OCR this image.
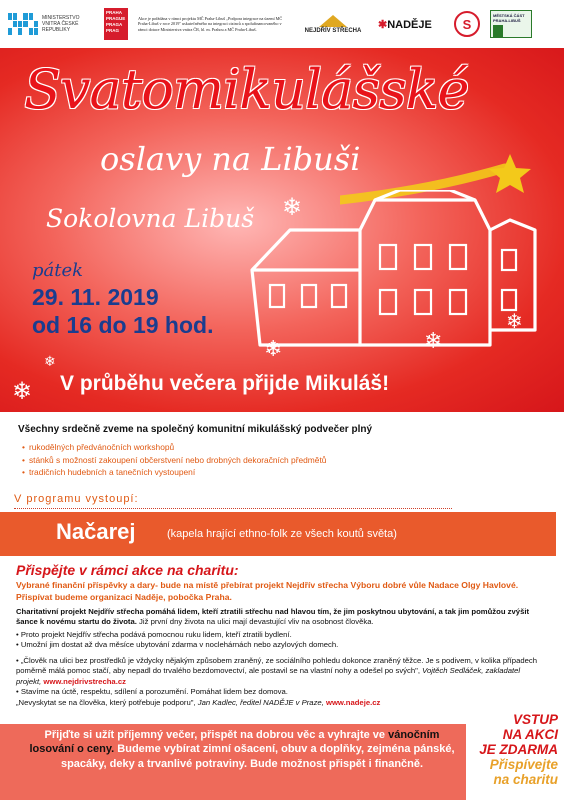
MINISTERSTVO VNITRA ČESKÉ REPUBLIKY
PRAHA PRAGUE PRAGA PRAG
Akce je pořádána v rámci projektu MČ Praha-Libuš „Podpora integrace na území MČ Praha-Libuš v roce 2019" uskutečněného na integraci cizinců a spolufinancovaného v rámci dotace Ministerstva vnitra ČR, hl. m. Prahou a MČ Praha-Libuš.	NEJDŘÍV STŘECHA	✱NADĚJE	S
MĚSTSKÁ ČÁST PRAHA-LIBUŠ
❄
❄	❄
❄
❄
❄
Svatomikulášské
oslavy na Libuši
Sokolovna Libuš
pátek
29. 11. 2019
od 16 do 19 hod.
V průběhu večera přijde Mikuláš!
Všechny srdečně zveme na společný komunitní mikulášský podvečer plný
• rukodělných předvánočních workshopů
• stánků s možností zakoupení občerstvení nebo drobných dekoračních předmětů
• tradičních hudebních a tanečních vystoupení
V programu vystoupí:
Načarej	(kapela hrající ethno-folk ze všech koutů světa)
Přispějte v rámci akce na charitu:
Vybrané finanční příspěvky a dary- bude na místě přebírat projekt Nejdřív střecha Výboru dobré vůle Nadace Olgy Havlové. Přispívat budeme organizaci Naděje, pobočka Praha.
Charitativní projekt Nejdřív střecha pomáhá lidem, kteří ztratili střechu nad hlavou tím, že jim poskytnou ubytování, a tak jim pomůžou zvýšit šance k novému startu do života. Již první dny života na ulici mají devastující vliv na osobnost člověka.
• Proto projekt Nejdřív střecha podává pomocnou ruku lidem, kteří ztratili bydlení.
• Umožní jim dostat až dva měsíce ubytování zdarma v noclehárnách nebo azylových domech.
• „Člověk na ulici bez prostředků je vždycky nějakým způsobem zraněný, ze sociálního pohledu dokonce zraněný těžce. Je s podivem, v kolika případech poměrně málá pomoc stačí, aby nepadl do trvalého bezdomovectví, ale postavil se na vlastní nohy a odešel po svých", Vojtěch Sedláček, zakladatel projekt, www.nejdrivstrecha.cz
• Stavíme na úctě, respektu, sdílení a porozumění. Pomáhat lidem bez domova.
„Nevyskytat se na člověka, který potřebuje podporu", Jan Kadlec, ředitel NADĚJE v Praze, www.nadeje.cz
Přijďte si užít příjemný večer, přispět na dobrou věc a vyhrajte ve vánočním losování o ceny. Budeme vybírat zimní ošacení, obuv a doplňky, zejména pánské, spacáky, deky a trvanlivé potraviny. Bude možnost přispět i finančně.
VSTUP
NA AKCI
JE ZDARMA
Přispívejte
na charitu
